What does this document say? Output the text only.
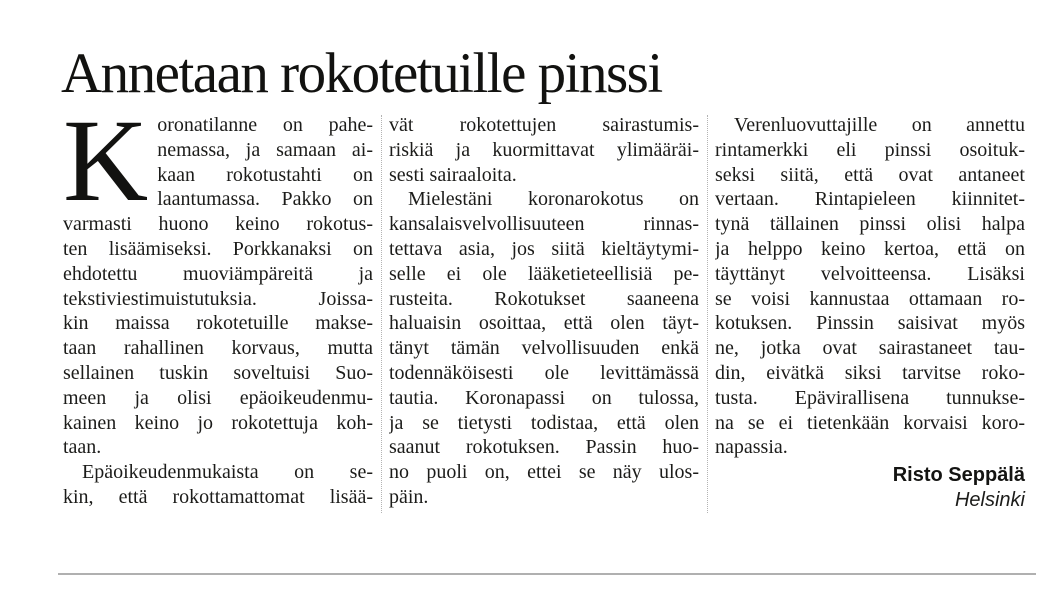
Annetaan rokotetuille pinssi
K oronatilanne on pahe-
nemassa, ja samaan ai-
kaan rokotustahti on
laantumassa. Pakko on
varmasti huono keino rokotus-
ten lisäämiseksi. Porkkanaksi on
ehdotettu muoviämpäreitä ja
tekstiviestimuistutuksia. Joissa-
kin maissa rokotetuille makse-
taan rahallinen korvaus, mutta
sellainen tuskin soveltuisi Suo-
meen ja olisi epäoikeudenmu-
kainen keino jo rokotettuja koh-
taan.
Epäoikeudenmukaista on se-
kin, että rokottamattomat lisää-
vät rokotettujen sairastumis-
riskiä ja kuormittavat ylimääräi-
sesti sairaaloita.
Mielestäni koronarokotus on
kansalaisvelvollisuuteen rinnas-
tettava asia, jos siitä kieltäytymi-
selle ei ole lääketieteellisiä pe-
rusteita. Rokotukset saaneena
haluaisin osoittaa, että olen täyt-
tänyt tämän velvollisuuden enkä
todennäköisesti ole levittämässä
tautia. Koronapassi on tulossa,
ja se tietysti todistaa, että olen
saanut rokotuksen. Passin huo-
no puoli on, ettei se näy ulos-
päin.
Verenluovuttajille on annettu
rintamerkki eli pinssi osoituk-
seksi siitä, että ovat antaneet
vertaan. Rintapieleen kiinnitet-
tynä tällainen pinssi olisi halpa
ja helppo keino kertoa, että on
täyttänyt velvoitteensa. Lisäksi
se voisi kannustaa ottamaan ro-
kotuksen. Pinssin saisivat myös
ne, jotka ovat sairastaneet tau-
din, eivätkä siksi tarvitse roko-
tusta. Epävirallisena tunnukse-
na se ei tietenkään korvaisi koro-
napassia.
Risto Seppälä
Helsinki
